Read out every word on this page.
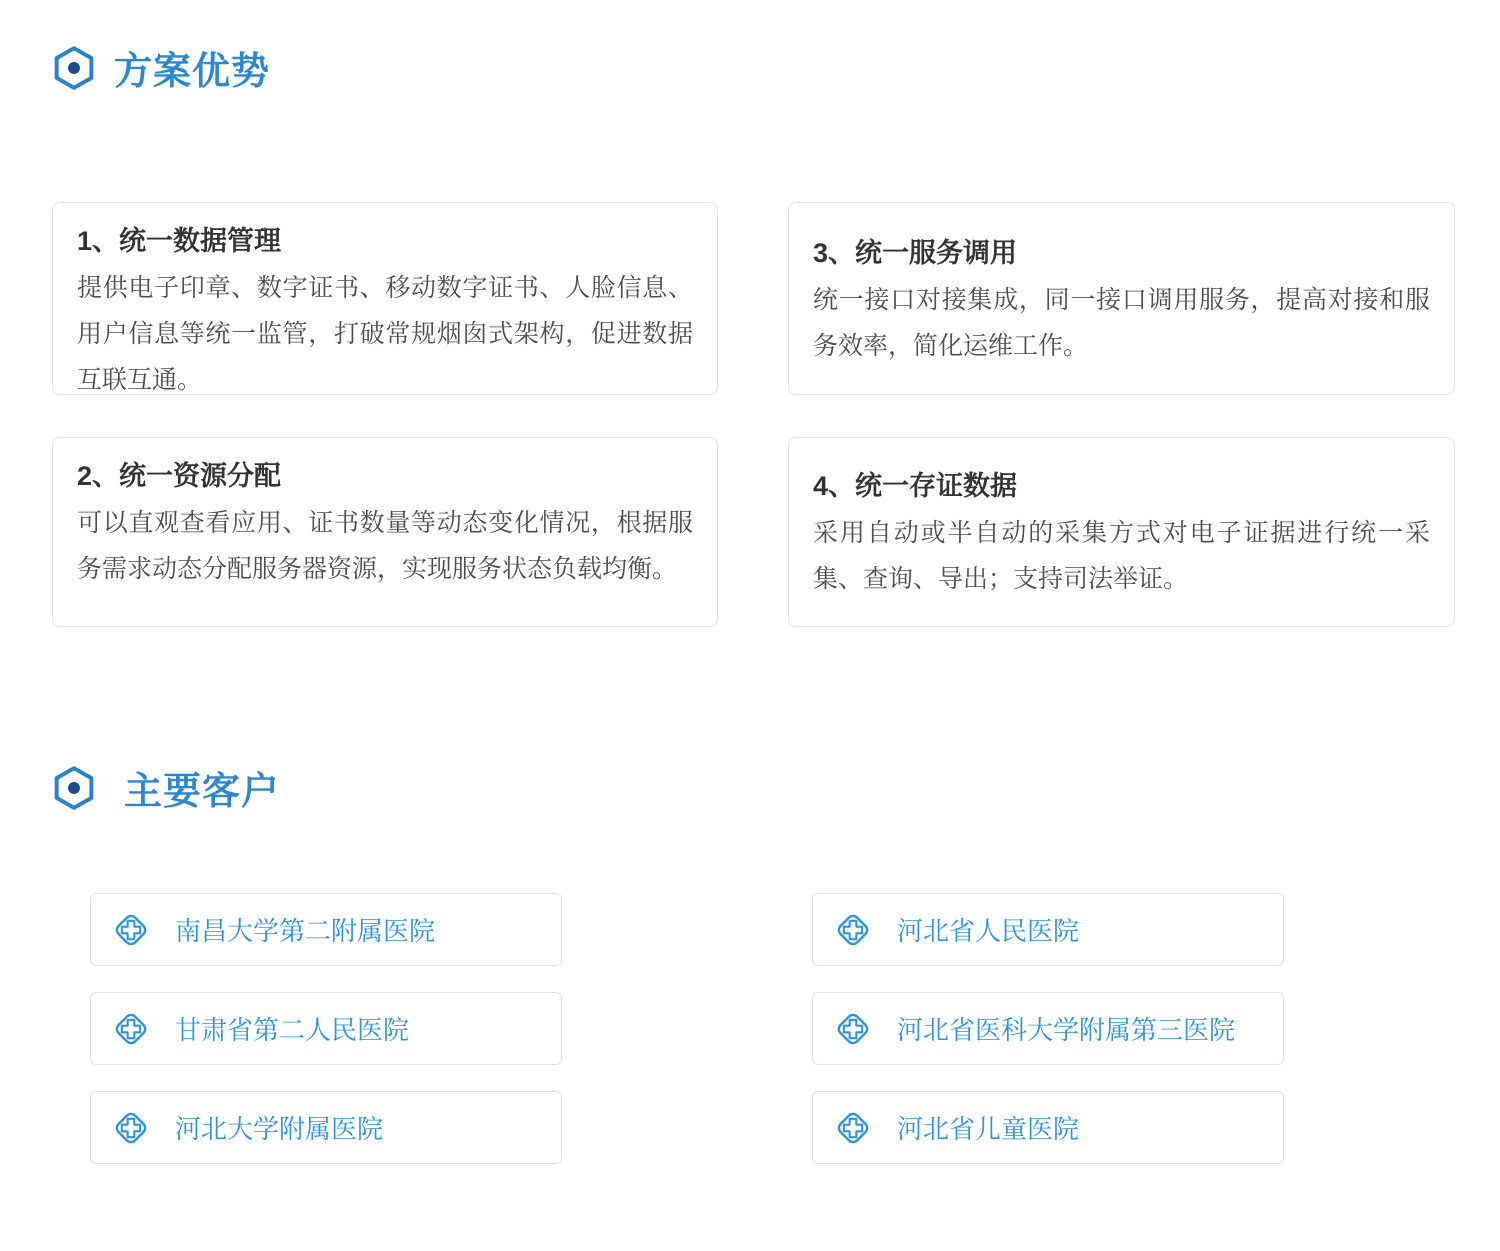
方案优势
1、统一数据管理
提供电子印章、数字证书、移动数字证书、人脸信息、用户信息等统一监管，打破常规烟囱式架构，促进数据互联互通。
3、统一服务调用
统一接口对接集成，同一接口调用服务，提高对接和服务效率，简化运维工作。
2、统一资源分配
可以直观查看应用、证书数量等动态变化情况，根据服务需求动态分配服务器资源，实现服务状态负载均衡。
4、统一存证数据
采用自动或半自动的采集方式对电子证据进行统一采集、查询、导出；支持司法举证。
主要客户
南昌大学第二附属医院
甘肃省第二人民医院
河北大学附属医院
河北省人民医院
河北省医科大学附属第三医院
河北省儿童医院
